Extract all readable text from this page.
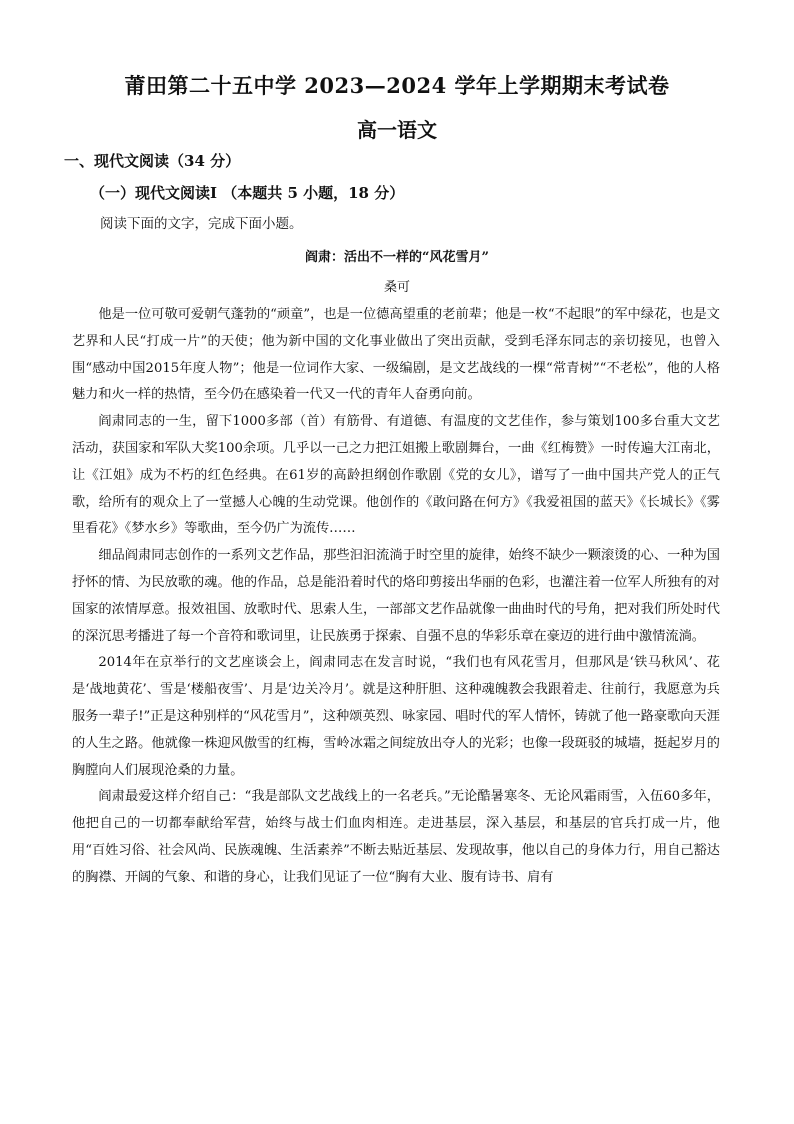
莆田第二十五中学 2023—2024 学年上学期期末考试卷
高一语文
一、现代文阅读（34 分）
（一）现代文阅读Ⅰ （本题共 5 小题，18 分）
阅读下面的文字，完成下面小题。
阎肃：活出不一样的“风花雪月”
桑可

他是一位可敬可爱朝气蓬勃的“顽童”，也是一位德高望重的老前辈；他是一枚“不起眼”的军中绿花，也是文艺界和人民“打成一片”的天使；他为新中国的文化事业做出了突出贡献，受到毛泽东同志的亲切接见，也曾入围“感动中国2015年度人物”；他是一位词作大家、一级编剧，是文艺战线的一棵“常青树”“不老松”，他的人格魅力和火一样的热情，至今仍在感染着一代又一代的青年人奋勇向前。

阎肃同志的一生，留下1000多部（首）有筋骨、有道德、有温度的文艺佳作，参与策划100多台重大文艺活动，获国家和军队大奖100余项。几乎以一己之力把江姐搬上歌剧舞台，一曲《红梅赞》一时传遍大江南北，让《江姐》成为不朽的红色经典。在61岁的高龄担纲创作歌剧《党的女儿》，谱写了一曲中国共产党人的正气歌，给所有的观众上了一堂撼人心魄的生动党课。他创作的《敢问路在何方》《我爱祖国的蓝天》《长城长》《雾里看花》《梦水乡》等歌曲，至今仍广为流传……

细品阎肃同志创作的一系列文艺作品，那些汩汩流淌于时空里的旋律，始终不缺少一颗滚烫的心、一种为国抒怀的情、为民放歌的魂。他的作品，总是能沿着时代的烙印剪接出华丽的色彩，也灌注着一位军人所独有的对国家的浓情厚意。报效祖国、放歌时代、思索人生，一部部文艺作品就像一曲曲时代的号角，把对我们所处时代的深沉思考播进了每一个音符和歌词里，让民族勇于探索、自强不息的华彩乐章在豪迈的进行曲中激情流淌。

2014年在京举行的文艺座谈会上，阎肃同志在发言时说，“我们也有风花雪月，但那风是‘铁马秋风’、花是‘战地黄花’、雪是‘楼船夜雪’、月是‘边关冷月’。就是这种肝胆、这种魂魄教会我跟着走、往前行，我愿意为兵服务一辈子!”正是这种别样的“风花雪月”，这种颂英烈、咏家园、唱时代的军人情怀，铸就了他一路豪歌向天涯的人生之路。他就像一株迎风傲雪的红梅，雪岭冰霜之间绽放出夺人的光彩；也像一段斑驳的城墙，挺起岁月的胸膛向人们展现沧桑的力量。

阎肃最爱这样介绍自己：“我是部队文艺战线上的一名老兵。”无论酷暑寒冬、无论风霜雨雪，入伍60多年，他把自己的一切都奉献给军营，始终与战士们血肉相连。走进基层，深入基层，和基层的官兵打成一片，他用“百姓习俗、社会风尚、民族魂魄、生活素养”不断去贴近基层、发现故事，他以自己的身体力行，用自己豁达的胸襟、开阔的气象、和谐的身心，让我们见证了一位“胸有大业、腹有诗书、肩有
